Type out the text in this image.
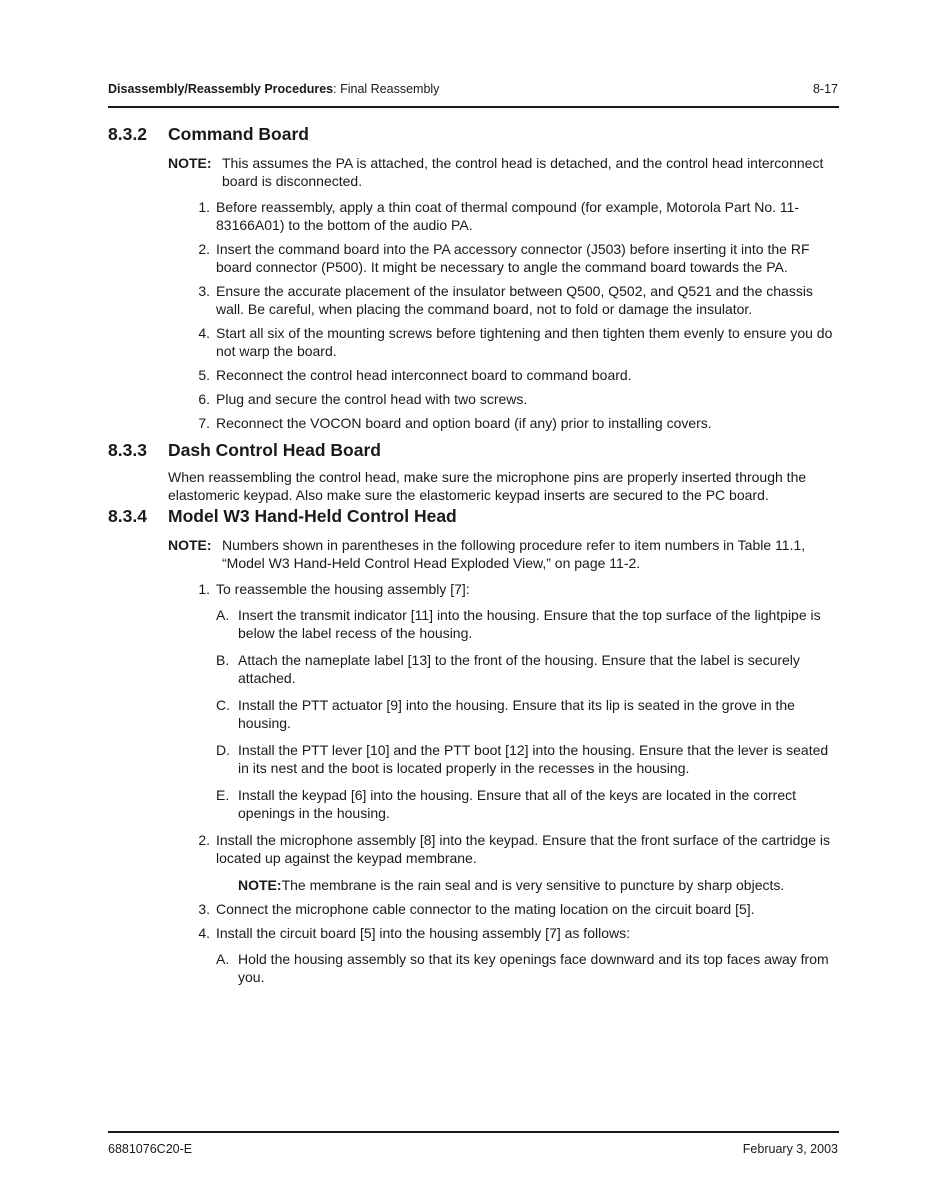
Disassembly/Reassembly Procedures: Final Reassembly	8-17
8.3.2 Command Board
NOTE: This assumes the PA is attached, the control head is detached, and the control head interconnect board is disconnected.
1. Before reassembly, apply a thin coat of thermal compound (for example, Motorola Part No. 11-83166A01) to the bottom of the audio PA.
2. Insert the command board into the PA accessory connector (J503) before inserting it into the RF board connector (P500). It might be necessary to angle the command board towards the PA.
3. Ensure the accurate placement of the insulator between Q500, Q502, and Q521 and the chassis wall. Be careful, when placing the command board, not to fold or damage the insulator.
4. Start all six of the mounting screws before tightening and then tighten them evenly to ensure you do not warp the board.
5. Reconnect the control head interconnect board to command board.
6. Plug and secure the control head with two screws.
7. Reconnect the VOCON board and option board (if any) prior to installing covers.
8.3.3 Dash Control Head Board

When reassembling the control head, make sure the microphone pins are properly inserted through the elastomeric keypad. Also make sure the elastomeric keypad inserts are secured to the PC board.

8.3.4 Model W3 Hand-Held Control Head
NOTE: Numbers shown in parentheses in the following procedure refer to item numbers in Table 11.1, “Model W3 Hand-Held Control Head Exploded View,” on page 11-2.
1. To reassemble the housing assembly [7]:
A. Insert the transmit indicator [11] into the housing. Ensure that the top surface of the lightpipe is below the label recess of the housing.
B. Attach the nameplate label [13] to the front of the housing. Ensure that the label is securely attached.
C. Install the PTT actuator [9] into the housing. Ensure that its lip is seated in the grove in the housing.
D. Install the PTT lever [10] and the PTT boot [12] into the housing. Ensure that the lever is seated in its nest and the boot is located properly in the recesses in the housing.
E. Install the keypad [6] into the housing. Ensure that all of the keys are located in the correct openings in the housing.
2. Install the microphone assembly [8] into the keypad. Ensure that the front surface of the cartridge is located up against the keypad membrane.
NOTE:The membrane is the rain seal and is very sensitive to puncture by sharp objects.
3. Connect the microphone cable connector to the mating location on the circuit board [5].
4. Install the circuit board [5] into the housing assembly [7] as follows:
A. Hold the housing assembly so that its key openings face downward and its top faces away from you.
6881076C20-E	February 3, 2003
